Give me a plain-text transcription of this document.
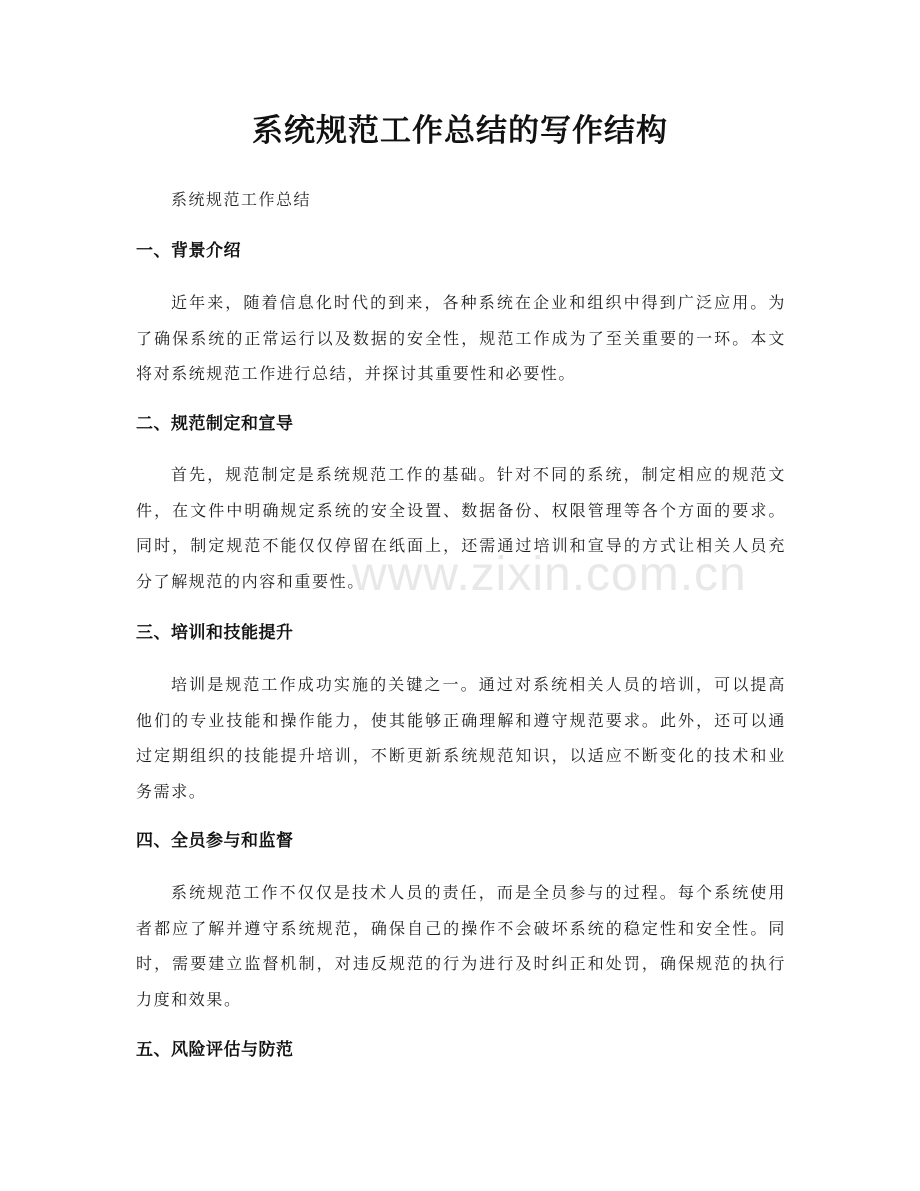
系统规范工作总结的写作结构

系统规范工作总结

一、背景介绍

近年来，随着信息化时代的到来，各种系统在企业和组织中得到广泛应用。为了确保系统的正常运行以及数据的安全性，规范工作成为了至关重要的一环。本文将对系统规范工作进行总结，并探讨其重要性和必要性。

二、规范制定和宣导

首先，规范制定是系统规范工作的基础。针对不同的系统，制定相应的规范文件，在文件中明确规定系统的安全设置、数据备份、权限管理等各个方面的要求。同时，制定规范不能仅仅停留在纸面上，还需通过培训和宣导的方式让相关人员充分了解规范的内容和重要性。

三、培训和技能提升

培训是规范工作成功实施的关键之一。通过对系统相关人员的培训，可以提高他们的专业技能和操作能力，使其能够正确理解和遵守规范要求。此外，还可以通过定期组织的技能提升培训，不断更新系统规范知识，以适应不断变化的技术和业务需求。

四、全员参与和监督

系统规范工作不仅仅是技术人员的责任，而是全员参与的过程。每个系统使用者都应了解并遵守系统规范，确保自己的操作不会破坏系统的稳定性和安全性。同时，需要建立监督机制，对违反规范的行为进行及时纠正和处罚，确保规范的执行力度和效果。

五、风险评估与防范
www.zixin.com.cn
